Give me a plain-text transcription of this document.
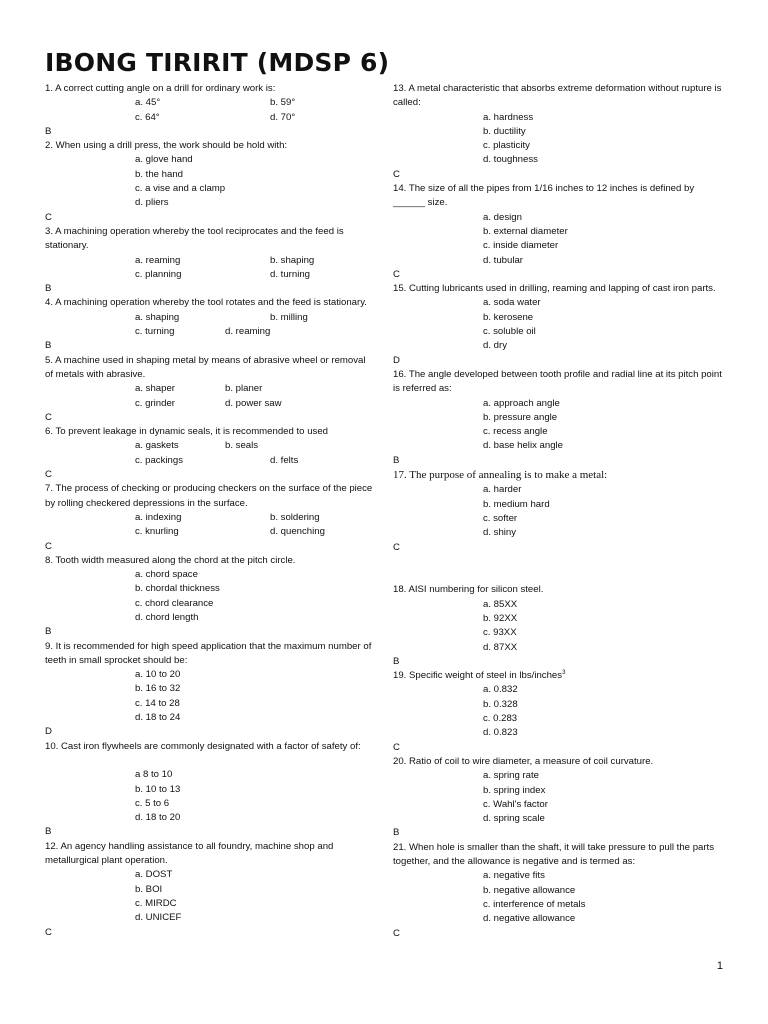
IBONG TIRIRIT (MDSP 6)

1. A correct cutting angle on a drill for ordinary work is:

a. 45°	b. 59°
c. 64°	d. 70°

B

2. When using a drill press, the work should be hold with:

a. glove hand

b. the hand

c. a vise and a clamp

d. pliers

C

3. A machining operation whereby the tool reciprocates and the feed is stationary.

a. reaming	b. shaping
c. planning	d. turning

B

4. A machining operation whereby the tool rotates and the feed is stationary.

a. shaping	b. milling
c. turning	d. reaming

B

5. A machine used in shaping metal by means of abrasive wheel or removal of metals with abrasive.

a. shaper	b. planer
c. grinder	d. power saw

C

6. To prevent leakage in dynamic seals, it is recommended to used

a. gaskets	b. seals
c. packings	d. felts

C

7. The process of checking or producing checkers on the surface of the piece by rolling checkered depressions in the surface.

a. indexing	b. soldering
c. knurling	d. quenching

C

8. Tooth width measured along the chord at the pitch circle.

a. chord space

b. chordal thickness

c. chord clearance

d. chord length

B

9. It is recommended for high speed application that the maximum number of teeth in small sprocket should be:

a. 10 to 20

b. 16 to 32

c. 14 to 28

d. 18 to 24

D

10. Cast iron flywheels are commonly designated with a factor of safety of:

a 8 to 10

b. 10 to 13

c. 5 to 6

d. 18 to 20

B

12. An agency handling assistance to all foundry, machine shop and metallurgical plant operation.

a. DOST

b. BOI

c. MIRDC

d. UNICEF

C

13. A metal characteristic that absorbs extreme deformation without rupture is called:

a. hardness

b. ductility

c. plasticity

d. toughness

C

14. The size of all the pipes from 1/16 inches to 12 inches is defined by ______ size.

a. design

b. external diameter

c. inside diameter

d. tubular

C

15. Cutting lubricants used in drilling, reaming and lapping of cast iron parts.

a. soda water

b. kerosene

c. soluble oil

d. dry

D

16. The angle developed between tooth profile and radial line at its pitch point is referred as:

a. approach angle

b. pressure angle

c. recess angle

d. base helix angle

B

17. The purpose of annealing is to make a metal:

a. harder

b. medium hard

c. softer

d. shiny

C

18. AISI numbering for silicon steel.

a. 85XX

b. 92XX

c. 93XX

d. 87XX

B

19. Specific weight of steel in lbs/inches$^3$

a. 0.832

b. 0.328

c. 0.283

d. 0.823

C

20. Ratio of coil to wire diameter, a measure of coil curvature.

a. spring rate

b. spring index

c. Wahl's factor

d. spring scale

B

21. When hole is smaller than the shaft, it will take pressure to pull the parts together, and the allowance is negative and is termed as:

a. negative fits

b. negative allowance

c. interference of metals

d. negative allowance

C

1
